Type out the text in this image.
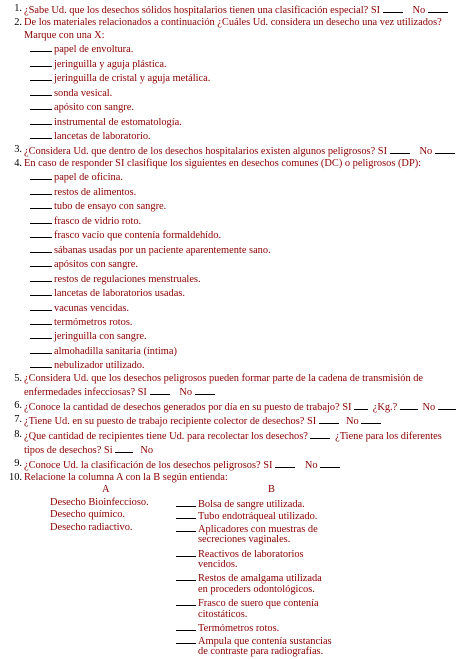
1. ¿Sabe Ud. que los desechos sólidos hospitalarios tienen una clasificación especial? SI	No
2. De los materiales relacionados a continuación ¿Cuáles Ud. considera un desecho una vez utilizados?
Marque con una X:
papel de envoltura.
jeringuilla y aguja plástica.
jeringuilla de cristal y aguja metálica.
sonda vesical.
apósito con sangre.
instrumental de estomatología.
lancetas de laboratorio.
3. ¿Considera Ud. que dentro de los desechos hospitalarios existen algunos peligrosos? SI	No
4. En caso de responder SI clasifique los siguientes en desechos comunes (DC) o peligrosos (DP):
papel de oficina.
restos de alimentos.
tubo de ensayo con sangre.
frasco de vidrio roto.
frasco vacío que contenía formaldehído.
sábanas usadas por un paciente aparentemente sano.
apósitos con sangre.
restos de regulaciones menstruales.
lancetas de laboratorios usadas.
vacunas vencidas.
termómetros rotos.
jeringuilla con sangre.
almohadilla sanitaria (íntima)
nebulizador utilizado.
5. ¿Considera Ud. que los desechos peligrosos pueden formar parte de la cadena de transmisión de
enfermedades infecciosas? SI	No
6. ¿Conoce la cantidad de desechos generados por día en su puesto de trabajo? SI ¿Kg.? No
7. ¿Tiene Ud. en su puesto de trabajo recipiente colector de desechos? SI	No
8. ¿Que cantidad de recipientes tiene Ud. para recolectar los desechos?	¿Tiene para los diferentes
tipos de desechos? Si	No
9. ¿Conoce Ud. la clasificación de los desechos peligrosos? SI	No
10. Relacione la columna A con la B según entienda:
A	B
Desecho Bioinfeccioso.	Bolsa de sangre utilizada.
Desecho químico.	Tubo endotráqueal utilizado.
Desecho radiactivo.	Aplicadores con muestras de
secreciones vaginales.
Reactivos de laboratorios
vencidos.
Restos de amalgama utilizada
en proceders odontológicos.
Frasco de suero que contenía
citostáticos.
Termómetros rotos.
Ampula que contenía sustancias
de contraste para radiografías.
